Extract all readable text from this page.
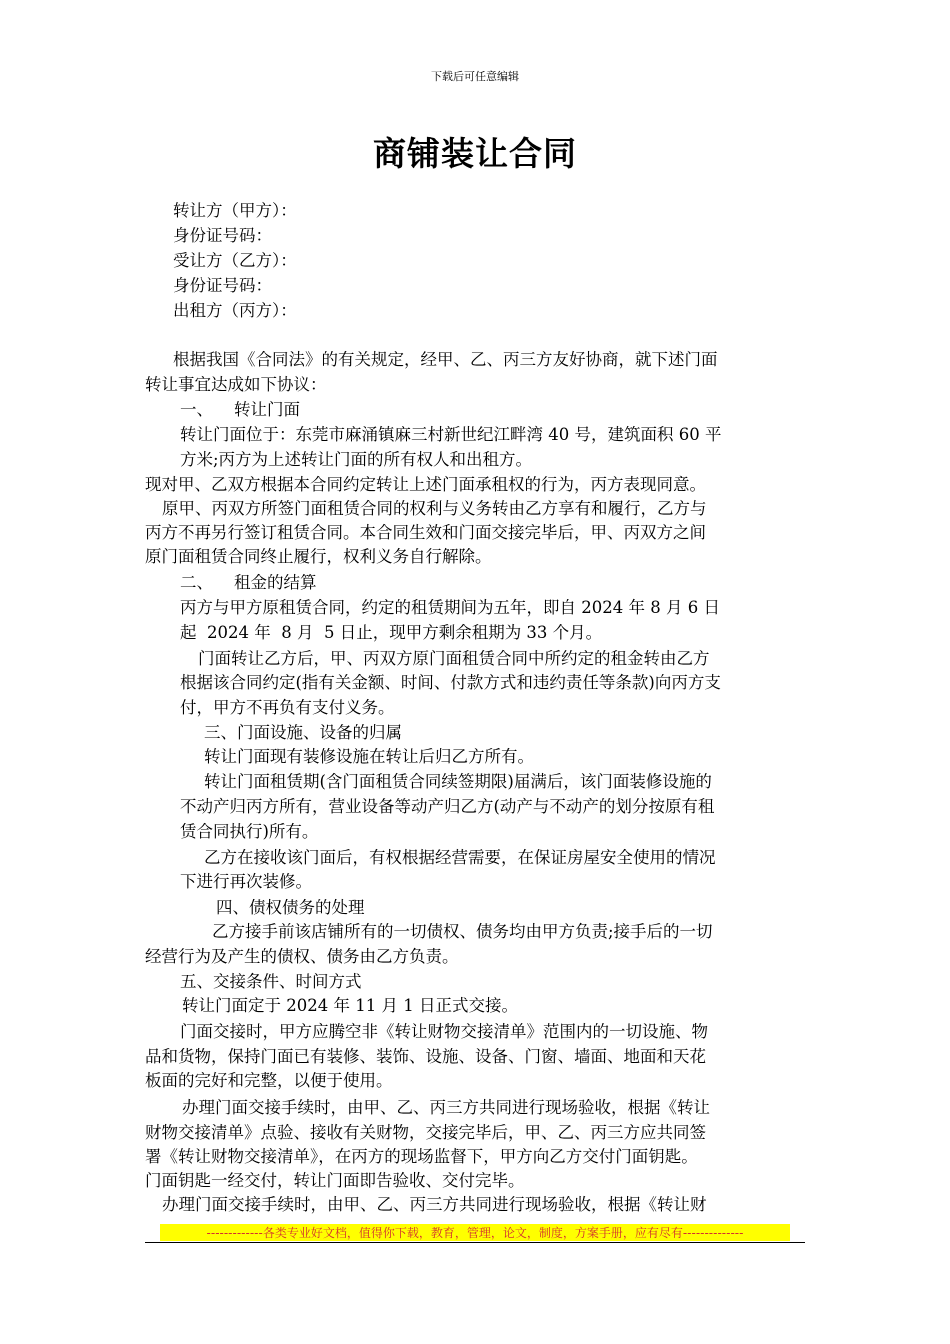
下载后可任意编辑
商铺装让合同
转让方（甲方）：
身份证号码：
受让方（乙方）：
身份证号码：
出租方（丙方）：
根据我国《合同法》的有关规定，经甲、乙、丙三方友好协商，就下述门面
转让事宜达成如下协议：
一、    转让门面
转让门面位于：东莞市麻涌镇麻三村新世纪江畔湾 40 号，建筑面积 60 平
方米;丙方为上述转让门面的所有权人和出租方。
现对甲、乙双方根据本合同约定转让上述门面承租权的行为，丙方表现同意。
原甲、丙双方所签门面租赁合同的权利与义务转由乙方享有和履行，乙方与
丙方不再另行签订租赁合同。本合同生效和门面交接完毕后，甲、丙双方之间
原门面租赁合同终止履行，权利义务自行解除。
二、    租金的结算
丙方与甲方原租赁合同，约定的租赁期间为五年，即自 2024 年 8 月 6 日
起  2024 年  8 月  5 日止，现甲方剩余租期为 33 个月。
门面转让乙方后，甲、丙双方原门面租赁合同中所约定的租金转由乙方
根据该合同约定(指有关金额、时间、付款方式和违约责任等条款)向丙方支
付，甲方不再负有支付义务。
三、门面设施、设备的归属
转让门面现有装修设施在转让后归乙方所有。
转让门面租赁期(含门面租赁合同续签期限)届满后，该门面装修设施的
不动产归丙方所有，营业设备等动产归乙方(动产与不动产的划分按原有租
赁合同执行)所有。
乙方在接收该门面后，有权根据经营需要，在保证房屋安全使用的情况
下进行再次装修。
四、债权债务的处理
乙方接手前该店铺所有的一切债权、债务均由甲方负责;接手后的一切
经营行为及产生的债权、债务由乙方负责。
五、交接条件、时间方式
转让门面定于 2024 年 11 月 1 日正式交接。
门面交接时，甲方应腾空非《转让财物交接清单》范围内的一切设施、物
品和货物，保持门面已有装修、装饰、设施、设备、门窗、墙面、地面和天花
板面的完好和完整，以便于使用。
办理门面交接手续时，由甲、乙、丙三方共同进行现场验收，根据《转让
财物交接清单》点验、接收有关财物，交接完毕后，甲、乙、丙三方应共同签
署《转让财物交接清单》，在丙方的现场监督下，甲方向乙方交付门面钥匙。
门面钥匙一经交付，转让门面即告验收、交付完毕。
办理门面交接手续时，由甲、乙、丙三方共同进行现场验收，根据《转让财
-------------各类专业好文档，值得你下载，教育，管理，论文，制度，方案手册，应有尽有--------------
